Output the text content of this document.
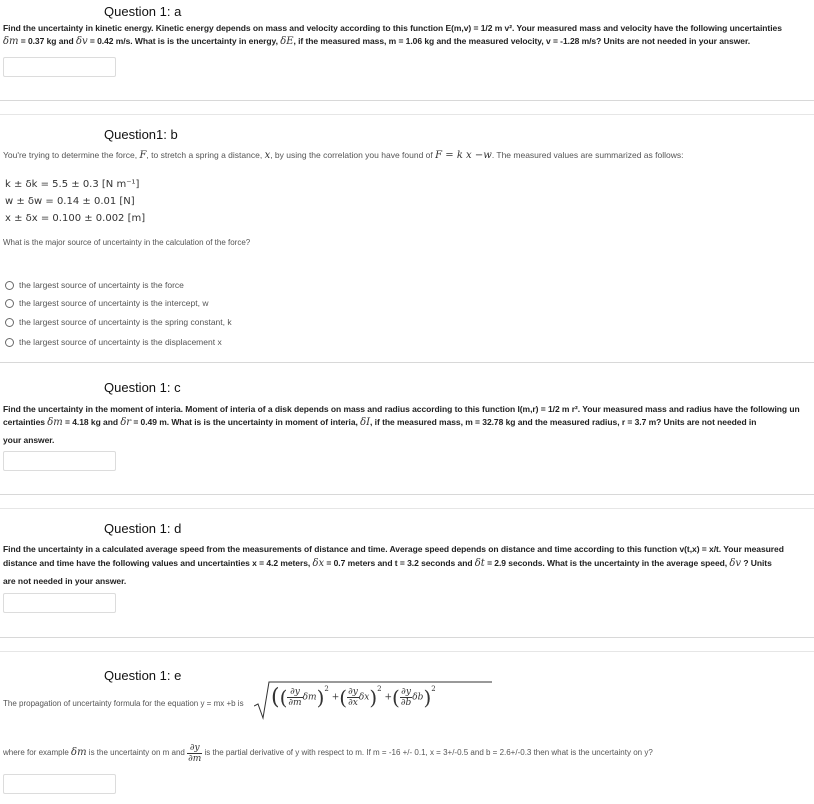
Question 1: a
Find the uncertainty in kinetic energy. Kinetic energy depends on mass and velocity according to this function E(m,v) = 1/2 m v². Your measured mass and velocity have the following uncertainties
δm = 0.37 kg and δv = 0.42 m/s. What is is the uncertainty in energy, δE, if the measured mass, m = 1.06 kg and the measured velocity, v = -1.28 m/s? Units are not needed in your answer.
Question1: b
You're trying to determine the force, F, to stretch a spring a distance, x, by using the correlation you have found of F = k x −w. The measured values are summarized as follows:
k ± δk = 5.5 ± 0.3 [N m⁻¹]
w ± δw = 0.14 ± 0.01 [N]
x ± δx = 0.100 ± 0.002 [m]
What is the major source of uncertainty in the calculation of the force?
the largest source of uncertainty is the force
the largest source of uncertainty is the intercept, w
the largest source of uncertainty is the spring constant, k
the largest source of uncertainty is the displacement x
Question 1: c
Find the uncertainty in the moment of interia. Moment of interia of a disk depends on mass and radius according to this function I(m,r) = 1/2 m r². Your measured mass and radius have the following un
certainties δm = 4.18 kg and δr = 0.49 m. What is is the uncertainty in moment of interia, δI, if the measured mass, m = 32.78 kg and the measured radius, r = 3.7 m? Units are not needed in
your answer.
Question 1: d
Find the uncertainty in a calculated average speed from the measurements of distance and time. Average speed depends on distance and time according to this function v(t,x) = x/t. Your measured
distance and time have the following values and uncertainties x = 4.2 meters, δx = 0.7 meters and t = 3.2 seconds and δt = 2.9 seconds. What is the uncertainty in the average speed, δv ? Units
are not needed in your answer.
Question 1: e
The propagation of uncertainty formula for the equation y = mx +b is (( $\frac{\partial y}{\partial m} \delta m)^2$ +( $\frac{\partial y}{\partial x} \delta x)^2$ +( $\frac{\partial y}{\partial b} \delta b)^2$
where for example
δm
is the uncertainty on m and
$\frac{\partial y}{\partial m}$
is the partial derivative of y with respect to m. If m = -16 +/- 0.1, x = 3+/-0.5 and b = 2.6+/-0.3 then what is the uncertainty on y?
